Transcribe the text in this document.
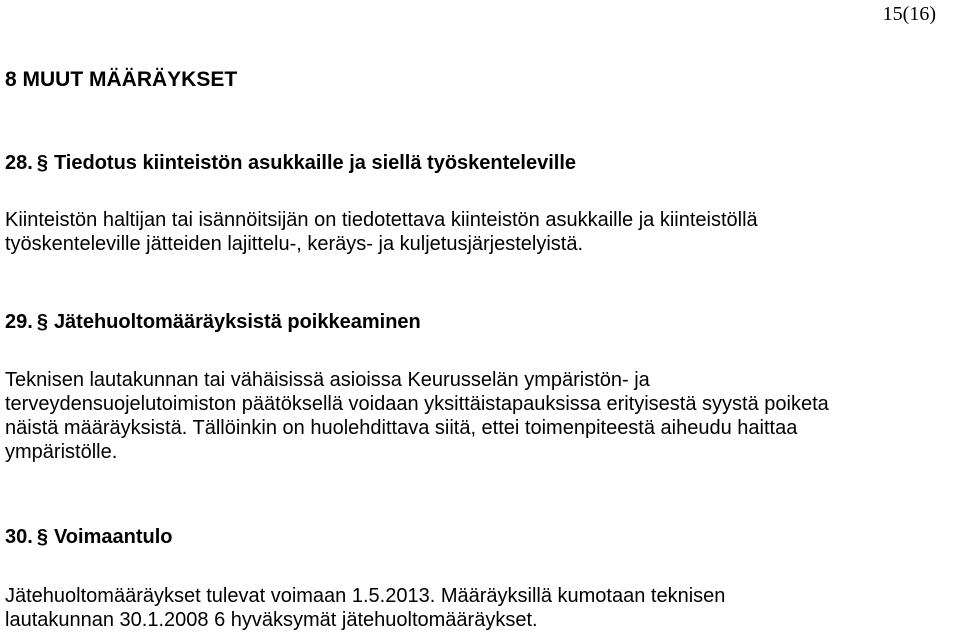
15(16)
8 MUUT MÄÄRÄYKSET
28. § Tiedotus kiinteistön asukkaille ja siellä työskenteleville

Kiinteistön haltijan tai isännöitsijän on tiedotettava kiinteistön asukkaille ja kiinteistöllä
työskenteleville jätteiden lajittelu-, keräys- ja kuljetusjärjestelyistä.

29. § Jätehuoltomääräyksistä poikkeaminen

Teknisen lautakunnan tai vähäisissä asioissa Keurusselän ympäristön- ja
terveydensuojelutoimiston päätöksellä voidaan yksittäistapauksissa erityisestä syystä poiketa
näistä määräyksistä. Tällöinkin on huolehdittava siitä, ettei toimenpiteestä aiheudu haittaa
ympäristölle.

30. § Voimaantulo

Jätehuoltomääräykset tulevat voimaan 1.5.2013. Määräyksillä kumotaan teknisen
lautakunnan 30.1.2008 6 hyväksymät jätehuoltomääräykset.
